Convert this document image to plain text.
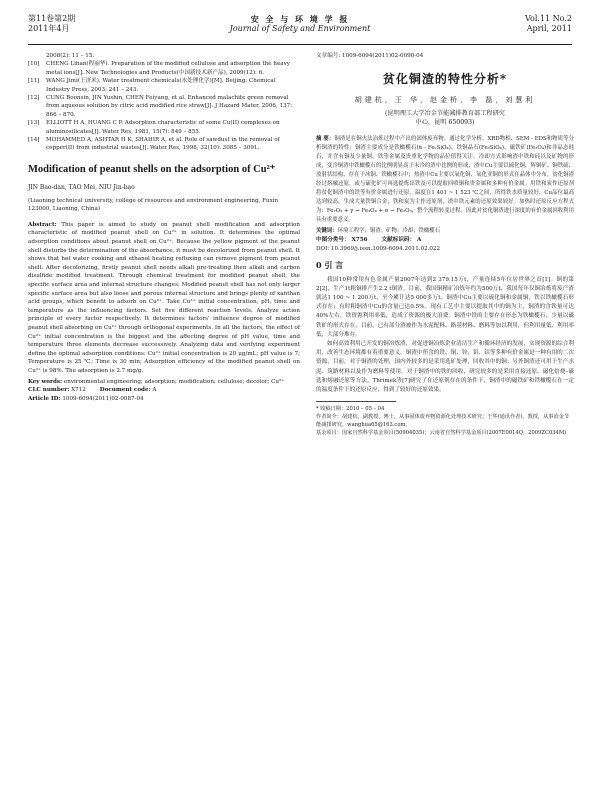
第11卷第2期
2011年4月
安 全 与 环 境 学 报
Journal of Safety and Environment
Vol.11 No.2
April, 2011
2008(2): 11 – 15.
[10]	CHENG Lihan(程丽华). Preparation of the modified cellulose and adsorption the heavy metal ions[J]. New Technologies and Products(中国新技术新产品), 2009(12): 6.
[11]	WANG Jimi(王济米). Water treatment chemicals(水处理化学)[M]. Beijing: Chemical Industry Press, 2003: 241 – 243.
[12]	CUNG Boonsin, JIN Yushin, CHEN Feiyang, et al. Enhanced malachite green removal from aqueous solution by citric acid modified rice straw[J]. J Hazard Mater, 2006, 137: 866 – 870.
[13]	ELLIOTT H A, HUANG C P. Adsorption characteristic of some Cu(II) complexes on aluminosilicates[J]. Water Res, 1981, 15(7): 849 – 855.
[14]	MOHAMMED A, ASHTAR H K, SHAHIR A, et al. Role of sawdust in the removal of copper(II) from industrial wastes[J]. Water Res, 1998, 32(10): 3085 – 3091.
Modification of peanut shells on the adsorption of Cu²⁺
JIN Bao-dan, TAO Mei, NIU Jin-bao
(Liaoning technical university, college of resources and environment engineering, Fuxin 123000, Liaoning, China)

Abstract: This paper is aimed to study on peanut shell modification and adsorption characteristic of modified peanut shell on Cu²⁺ in solution. It determines the optimal adsorption conditions about peanut shell on Cu²⁺. Because the yellow pigment of the peanut shell disturbs the determination of the absorbance, it must be decolorized from peanut shell. It shows that hot water cooking and ethanol heating refluxing can remove pigment from peanut shell. After decolorizing, firstly peanut shell needs alkali pre-treating then alkali and carbon disulfide modified treatment. Through chemical treatment for modified peanut shell, the specific surface area and internal structure changes. Modified peanut shell has not only larger specific surface area but also loose and porous internal structure and brings plenty of xanthan acid groups, which benefit to adsorb on Cu²⁺. Take Cu²⁺ initial concentration, pH, time and temperature as the influencing factors. Set five different reaction levels. Analyze action principle of every factor respectively. It determines factors' influence degree of modified peanut shell absorbing on Cu²⁺ through orthogonal experiments. In all the factors, the effect of Cu²⁺ initial concentration is the biggest and the affecting degree of pH value, time and temperature three elements decrease successively. Analyzing data and verifying experiment define the optimal adsorption conditions: Cu²⁺ initial concentration is 20 μg/mL; pH value is 7; Temperature is 25 ℃; Time is 30 min; Adsorption efficiency of the modified peanut shell on Cu²⁺ is 98%. The adsorption is 2.7 mg/g.

Key words: environmental engineering; adsorption; modification; cellulose; decolor; Cu²⁺

CLC number: X712	Document code: A

Article ID: 1009-6094(2011)02-0087-04

文章编号: 1009-6094(2011)02-0090-04

贫化铜渣的特性分析*
胡建杭，王 华，赵金桥，李 磊，刘慧利
(昆明理工大学冶金节能减排教育部工程研究
中心，昆明 650093)

摘 要：铜渣是在铜火法冶炼过程中产出的固体废弃物。通过化学分析、XRD物相、SEM - EDS和物质等分析铜渣的特性：铜渣主要成分是铁橄榄石(α - Fe₂SiO₄)、铁铜晶石(Fe₃SiO₄)、磁铁矿(Fe₃O₄)和非晶态硅石，并含有铜及少量铜，铁等金属及贵重化学物的品位值得关注。冷却方式影响渣中铁和硅以及矿物的形成，变冷铜渣中铁橄榄石的比例明显高于未冷的渣中比例的形成，渣中Cu主要以硫化铜、辉铜矿、铜铁硫、放射状结构、存在于冰铜、铁橄榄石中；热渣中Cu主要以氧化铜、氧化亚铜的形式在晶体中分布。贫化铜渣经过熔融还原，或与硫化矿可再选提炼出铁及可以提取回收铜和贵金属和多种有价金属。用铁和炭作还原剂将贫化铜渣中的铁等有价金属进行还原，温度在1 401 ~ 1 523 ℃之间，所得铁水质量较好，Cu品位最高达到较高，生成大量铁铜合金；铁和炭为主作还原剂，渣中铁元素的还原效果较好。加热时还原反应方程式为：Fe₂O₃ + γ → Fe₃O₄ + α → Fe₂O₃，整个流程转变过程。因此对贫化铜渣进行深度的有价金属回收利用具有重要意义。

关键词：环境工程学；铜渣；矿物；冷却；铁橄榄石

中图分类号： X756	文献标识码： A

DOI: 10.3969/j.issn.1009-6094.2011.02.022

0 引 言

我国10种常用有色金属产量2007年达到2 379.15万t，产量连续5年位居世界之首[1]。铜的第2[2]，生产1t粗铜排产生2.2 t铜渣。目前，我国铜精矿冶炼年约为500万t，我国每年仅铜冶炼将废产渣就达1 100 ~ 1 200万t，至今累计达5 000多万t。铜渣中Cu主要以硫化铜和金属铜，铁以铁橄榄石形式存在；有时粗铜渣中Cu的含量已达0.5%。现有工艺中主要以提取其中的铜为主，铜渣的含铁量可达40%左右，铁资源利用率低，造成了资源的极大浪费。铜渣中铁的主要存在形态为铁橄榄石，少量以磁铁矿的形式存在，目前，已有部分渣被作为水泥配料、路基材料、磨料等加以利用，但利用量低、利用率低，大部分堆存。

如何高效利用已开发的铜冶炼渣，对促进铜冶炼企业清洁生产和循环经济的发展，实现资源的综合利用，改善生态环境都有着重要意义。铜渣中所含的铁、铜、锌、铅、钴等多种有价金属是一种有用的二次资源，目前，对于铜渣的处理，国内外较多的是采用选矿处理，回收其中的铜；另外铜渣还可用于生产水泥、筑路材料以及作为磨料等使用。对于铜渣中的铁的回收，研究较多的是采用直接还原、磁化焙烧–磁选和熔融还原等方法。Thrimek等[7]研究了在还原剂存在的条件下，铜渣中的磁铁矿和铁橄榄石在一定的温度条件下的还原反应，得到了较好的还原效果。

* 收稿日期：2010 – 05 – 04

作者简介：胡建杭，副教授，博士，从事固体废弃物资源化处理技术研究；王华(通讯作者)，教授，从事冶金节能减排研究，wanghua65@163.com。

基金项目：国家自然科学基金项目(50904035)；云南省自然科学基金项目(2007E0014Q，2009ZC034M)
